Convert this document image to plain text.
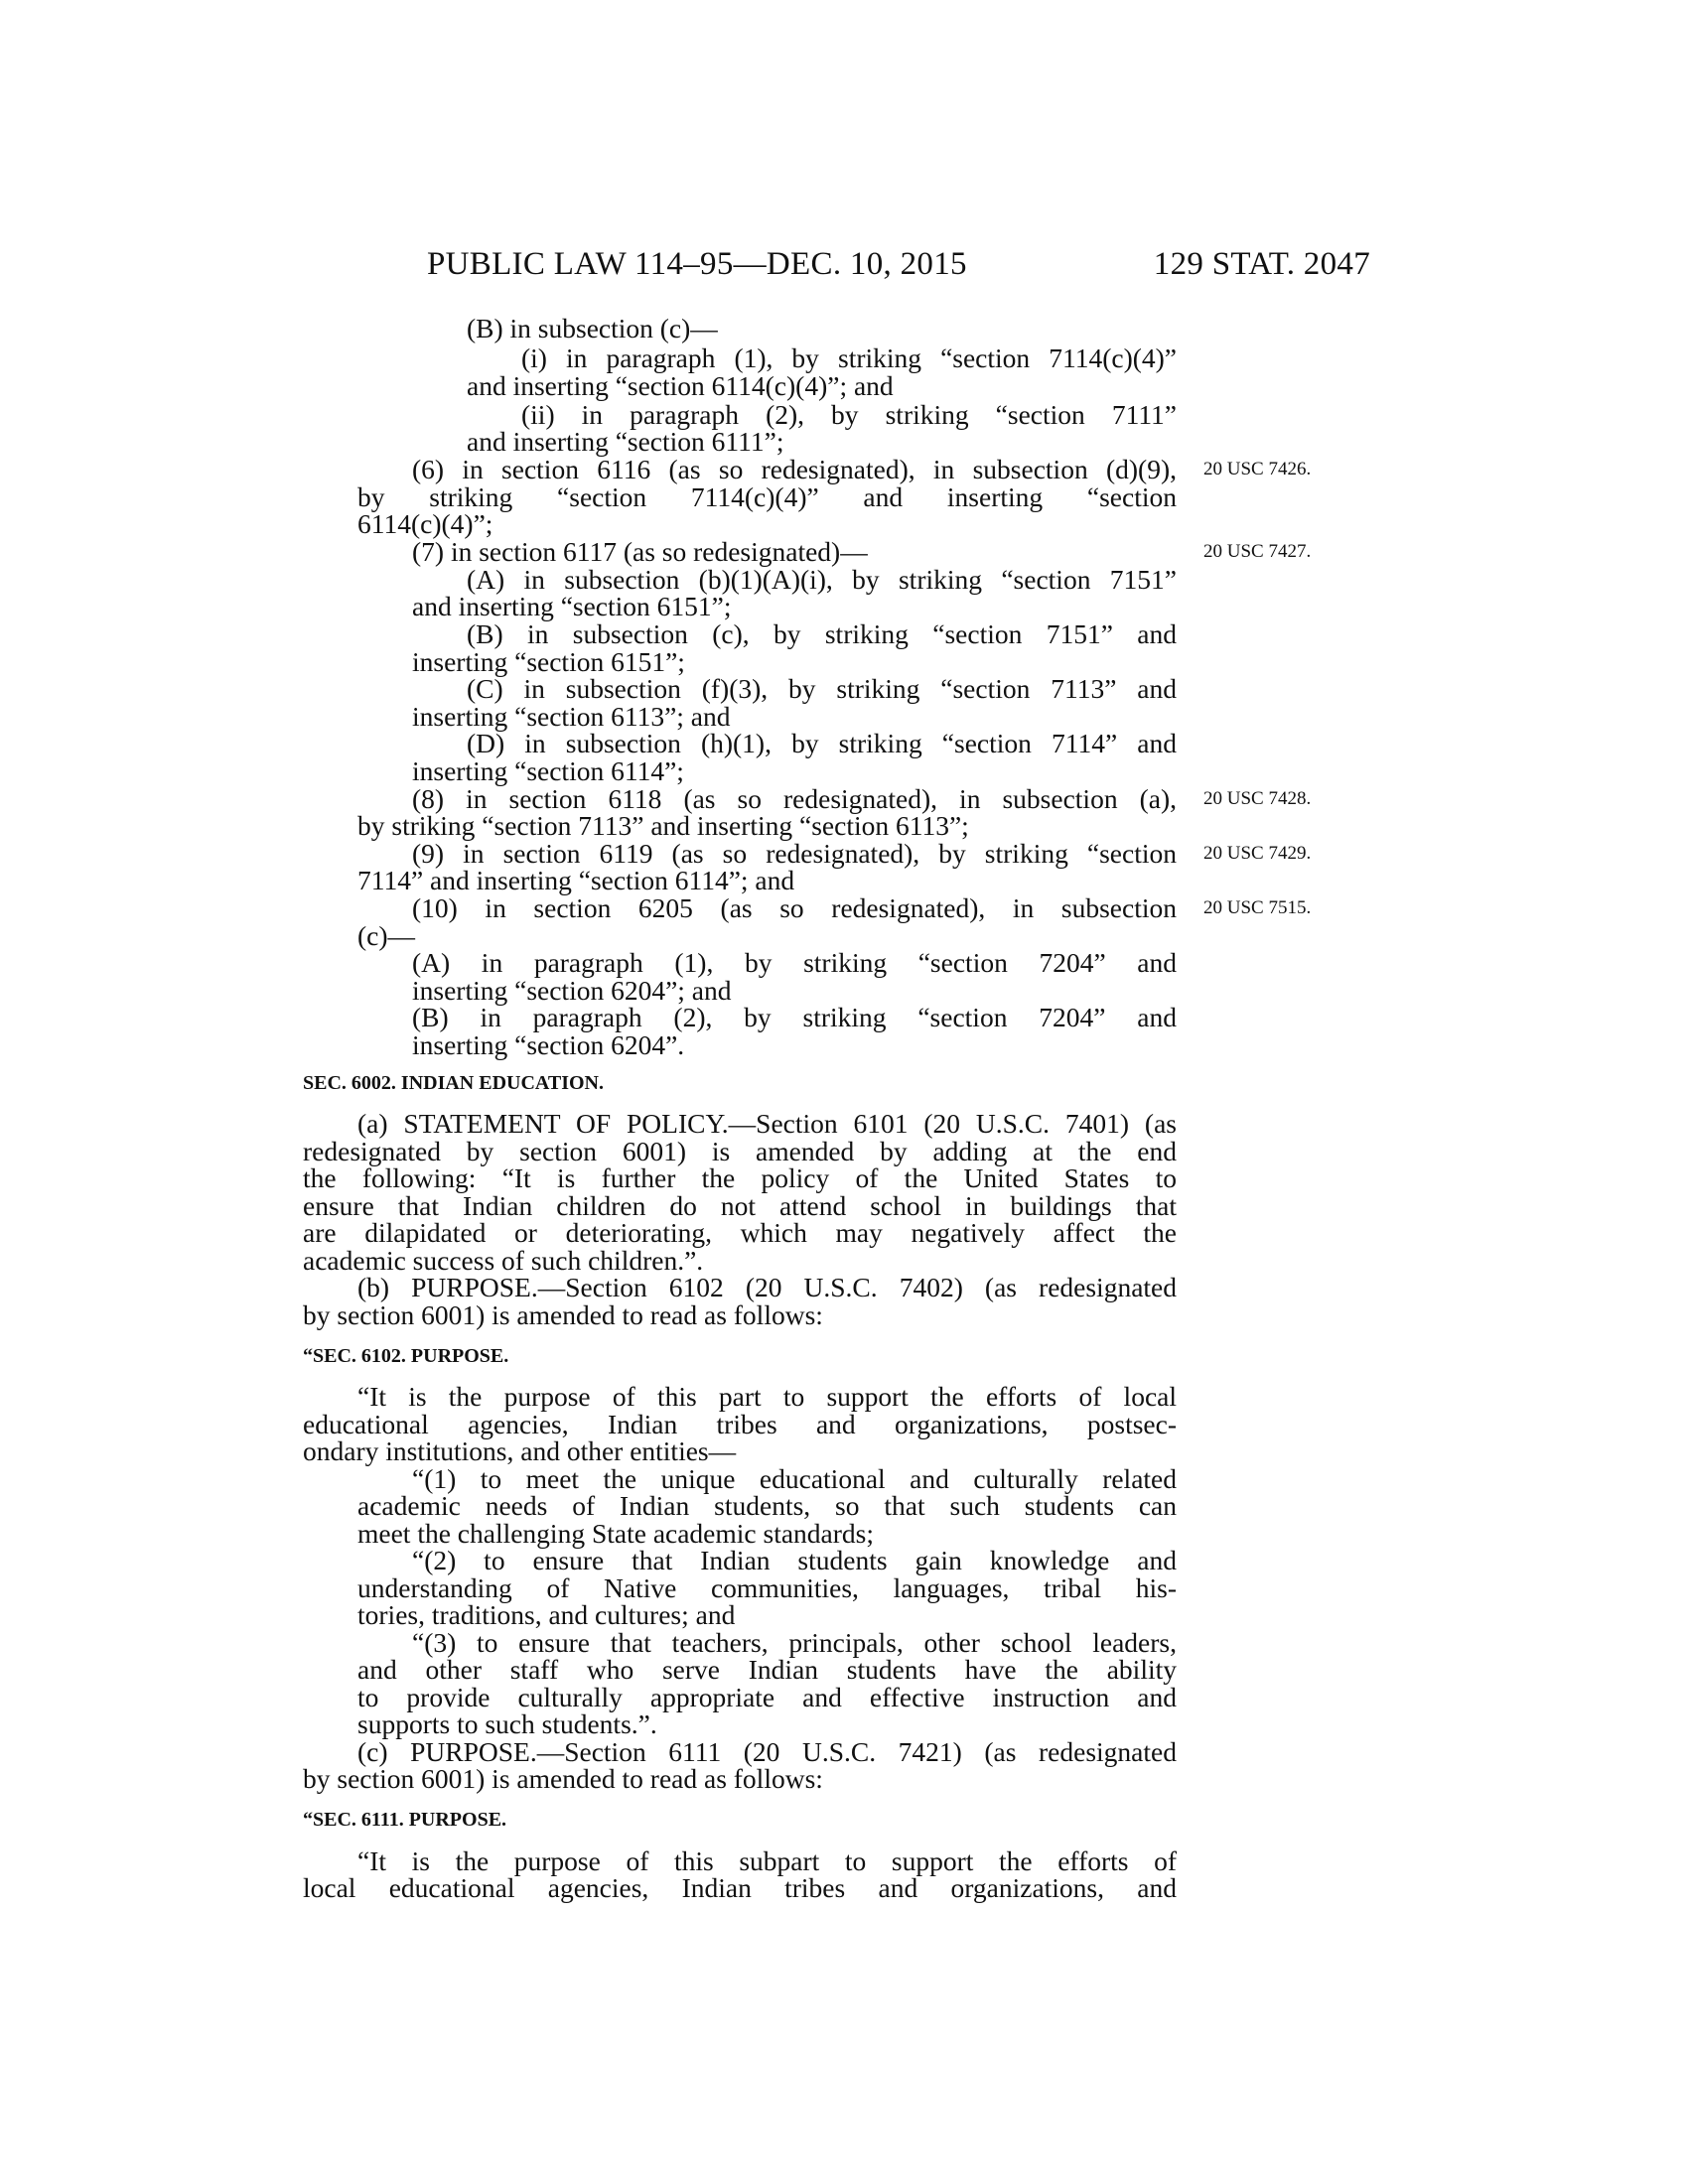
PUBLIC LAW 114–95—DEC. 10, 2015	129 STAT. 2047
(B) in subsection (c)—
(i) in paragraph (1), by striking “section 7114(c)(4)”
and inserting “section 6114(c)(4)”; and
(ii) in paragraph (2), by striking “section 7111”
and inserting “section 6111”;
(6) in section 6116 (as so redesignated), in subsection (d)(9),
by striking “section 7114(c)(4)” and inserting “section
6114(c)(4)”;
(7) in section 6117 (as so redesignated)—
(A) in subsection (b)(1)(A)(i), by striking “section 7151”
and inserting “section 6151”;
(B) in subsection (c), by striking “section 7151” and
inserting “section 6151”;
(C) in subsection (f)(3), by striking “section 7113” and
inserting “section 6113”; and
(D) in subsection (h)(1), by striking “section 7114” and
inserting “section 6114”;
(8) in section 6118 (as so redesignated), in subsection (a),
by striking “section 7113” and inserting “section 6113”;
(9) in section 6119 (as so redesignated), by striking “section
7114” and inserting “section 6114”; and
(10) in section 6205 (as so redesignated), in subsection
(c)—
(A) in paragraph (1), by striking “section 7204” and
inserting “section 6204”; and
(B) in paragraph (2), by striking “section 7204” and
inserting “section 6204”.
20 USC 7426.
20 USC 7427.
20 USC 7428.
20 USC 7429.
20 USC 7515.
SEC. 6002. INDIAN EDUCATION.
(a) STATEMENT OF POLICY.—Section 6101 (20 U.S.C. 7401) (as
redesignated by section 6001) is amended by adding at the end
the following: “It is further the policy of the United States to
ensure that Indian children do not attend school in buildings that
are dilapidated or deteriorating, which may negatively affect the
academic success of such children.”.
(b) PURPOSE.—Section 6102 (20 U.S.C. 7402) (as redesignated
by section 6001) is amended to read as follows:
“SEC. 6102. PURPOSE.
“It is the purpose of this part to support the efforts of local
educational agencies, Indian tribes and organizations, postsec-
ondary institutions, and other entities—
“(1) to meet the unique educational and culturally related
academic needs of Indian students, so that such students can
meet the challenging State academic standards;
“(2) to ensure that Indian students gain knowledge and
understanding of Native communities, languages, tribal his-
tories, traditions, and cultures; and
“(3) to ensure that teachers, principals, other school leaders,
and other staff who serve Indian students have the ability
to provide culturally appropriate and effective instruction and
supports to such students.”.
(c) PURPOSE.—Section 6111 (20 U.S.C. 7421) (as redesignated
by section 6001) is amended to read as follows:
“SEC. 6111. PURPOSE.
“It is the purpose of this subpart to support the efforts of
local educational agencies, Indian tribes and organizations, and
